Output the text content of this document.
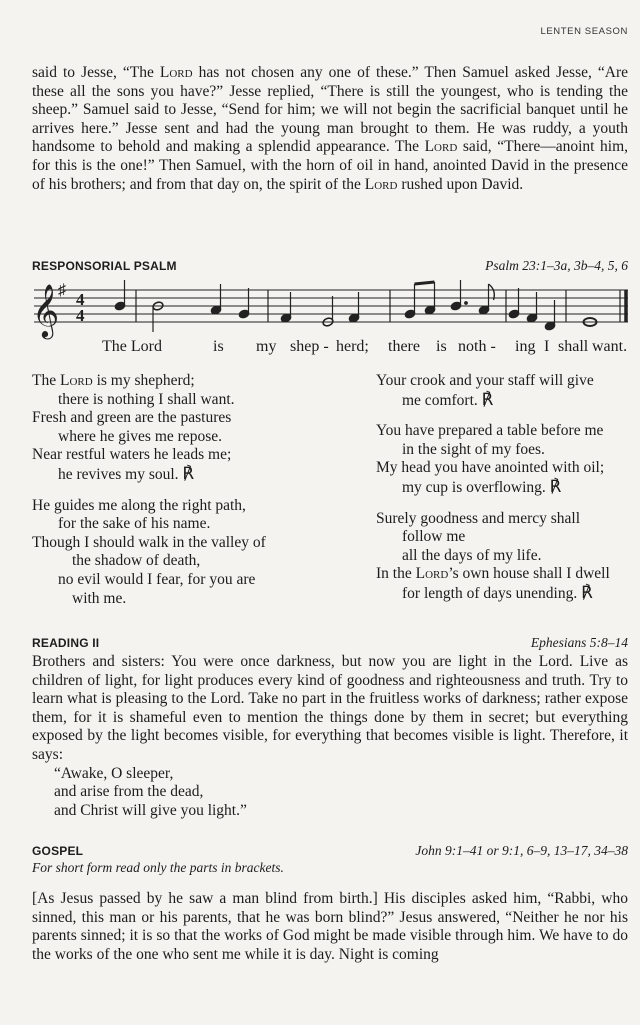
LENTEN SEASON

said to Jesse, “The Lord has not chosen any one of these.” Then Samuel asked Jesse, “Are these all the sons you have?” Jesse replied, “There is still the youngest, who is tending the sheep.” Samuel said to Jesse, “Send for him; we will not begin the sacrificial banquet until he arrives here.” Jesse sent and had the young man brought to them. He was ruddy, a youth handsome to behold and making a splendid appearance. The Lord said, “There—anoint him, for this is the one!” Then Samuel, with the horn of oil in hand, anointed David in the presence of his brothers; and from that day on, the spirit of the Lord rushed upon David.

RESPONSORIAL PSALM	Psalm 23:1–3a, 3b–4, 5, 6
𝄞
♯ 4
4
The Lord	is my shep - herd; there is noth - ing I shall want.
The Lord is my shepherd;
there is nothing I shall want.
Fresh and green are the pastures
where he gives me repose.
Near restful waters he leads me;
he revives my soul. ℟
He guides me along the right path,
for the sake of his name.
Though I should walk in the valley of
the shadow of death,
no evil would I fear, for you are
with me.
Your crook and your staff will give
me comfort. ℟
You have prepared a table before me
in the sight of my foes.
My head you have anointed with oil;
my cup is overflowing. ℟
Surely goodness and mercy shall
follow me
all the days of my life.
In the Lord’s own house shall I dwell
for length of days unending. ℟
READING II	Ephesians 5:8–14

Brothers and sisters: You were once darkness, but now you are light in the Lord. Live as children of light, for light produces every kind of goodness and righteousness and truth. Try to learn what is pleasing to the Lord. Take no part in the fruitless works of darkness; rather expose them, for it is shameful even to mention the things done by them in secret; but everything exposed by the light becomes visible, for everything that becomes visible is light. Therefore, it says:

“Awake, O sleeper,
and arise from the dead,
and Christ will give you light.”
GOSPEL	John 9:1–41 or 9:1, 6–9, 13–17, 34–38
For short form read only the parts in brackets.

[As Jesus passed by he saw a man blind from birth.] His disciples asked him, “Rabbi, who sinned, this man or his parents, that he was born blind?” Jesus answered, “Neither he nor his parents sinned; it is so that the works of God might be made visible through him. We have to do the works of the one who sent me while it is day. Night is coming
